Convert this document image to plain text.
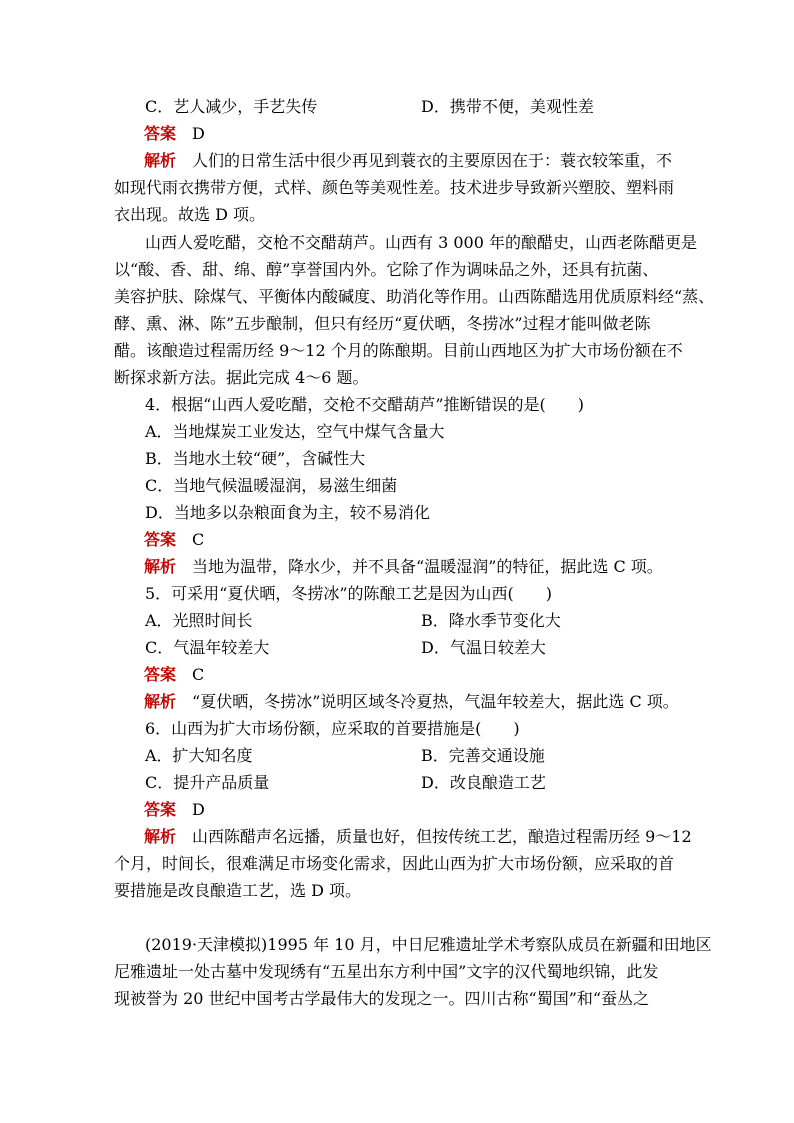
C．艺人减少，手艺失传	D．携带不便，美观性差
答案 D
解析 人们的日常生活中很少再见到蓑衣的主要原因在于：蓑衣较笨重，不
如现代雨衣携带方便，式样、颜色等美观性差。技术进步导致新兴塑胶、塑料雨
衣出现。故选 D 项。
山西人爱吃醋，交枪不交醋葫芦。山西有 3 000 年的酿醋史，山西老陈醋更是
以“酸、香、甜、绵、醇”享誉国内外。它除了作为调味品之外，还具有抗菌、
美容护肤、除煤气、平衡体内酸碱度、助消化等作用。山西陈醋选用优质原料经“蒸、
酵、熏、淋、陈”五步酿制，但只有经历“夏伏晒，冬捞冰”过程才能叫做老陈
醋。该酿造过程需历经 9～12 个月的陈酿期。目前山西地区为扩大市场份额在不
断探求新方法。据此完成 4～6 题。
4．根据“山西人爱吃醋，交枪不交醋葫芦”推断错误的是(　　)
A．当地煤炭工业发达，空气中煤气含量大
B．当地水土较“硬”，含碱性大
C．当地气候温暖湿润，易滋生细菌
D．当地多以杂粮面食为主，较不易消化
答案 C
解析 当地为温带，降水少，并不具备“温暖湿润”的特征，据此选 C 项。
5．可采用“夏伏晒，冬捞冰”的陈酿工艺是因为山西(　　)
A．光照时间长	B．降水季节变化大
C．气温年较差大	D．气温日较差大
答案 C
解析 “夏伏晒，冬捞冰”说明区域冬冷夏热，气温年较差大，据此选 C 项。
6．山西为扩大市场份额，应采取的首要措施是(　　)
A．扩大知名度	B．完善交通设施
C．提升产品质量	D．改良酿造工艺
答案 D
解析 山西陈醋声名远播，质量也好，但按传统工艺，酿造过程需历经 9～12
个月，时间长，很难满足市场变化需求，因此山西为扩大市场份额，应采取的首
要措施是改良酿造工艺，选 D 项。
(2019·天津模拟)1995 年 10 月，中日尼雅遗址学术考察队成员在新疆和田地区
尼雅遗址一处古墓中发现绣有“五星出东方利中国”文字的汉代蜀地织锦，此发
现被誉为 20 世纪中国考古学最伟大的发现之一。四川古称“蜀国”和“蚕丛之
